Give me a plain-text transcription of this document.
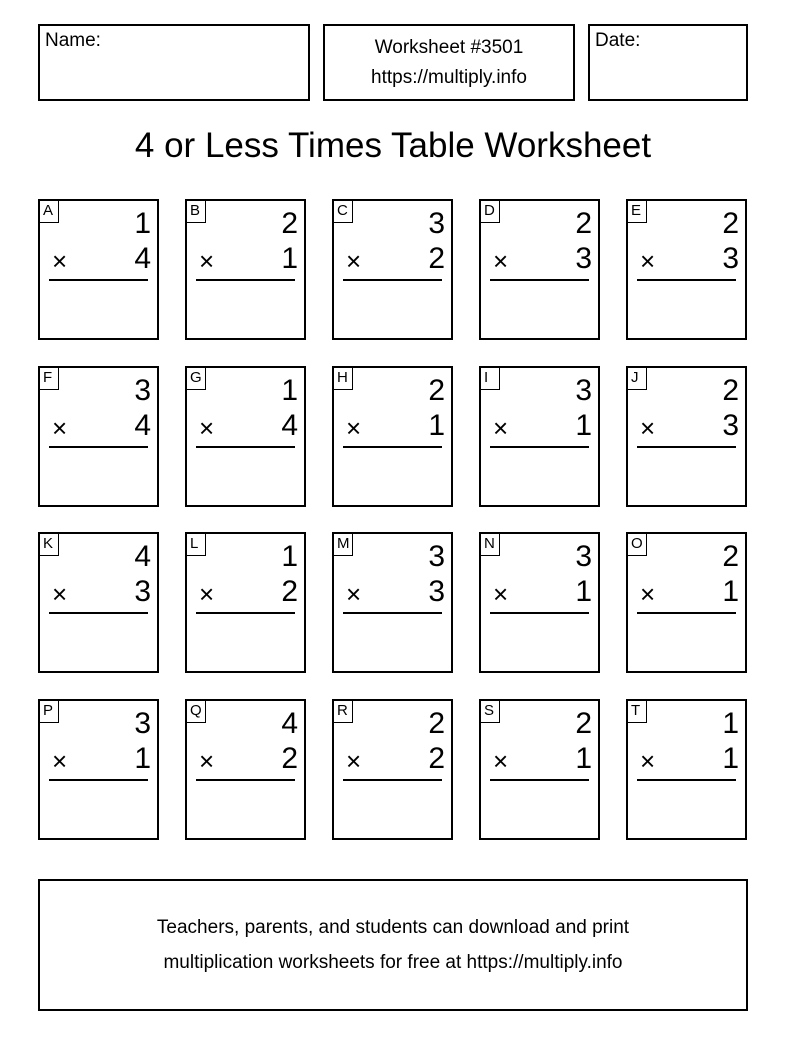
Name:	Worksheet #3501
https://multiply.info
Date:
4 or Less Times Table Worksheet
A	1
× 4
B	2
× 1
C	3
× 2
D	2
× 3
E	2
× 3
F	3
× 4
G	1
× 4
H	2
× 1
I	3
× 1
J	2
× 3
K	4
× 3
L	1
× 2
M	3
× 3
N	3
× 1
O	2
× 1
P	3
× 1
Q	4
× 2
R	2
× 2
S	2
× 1
T	1
× 1
Teachers, parents, and students can download and print
multiplication worksheets for free at https://multiply.info
